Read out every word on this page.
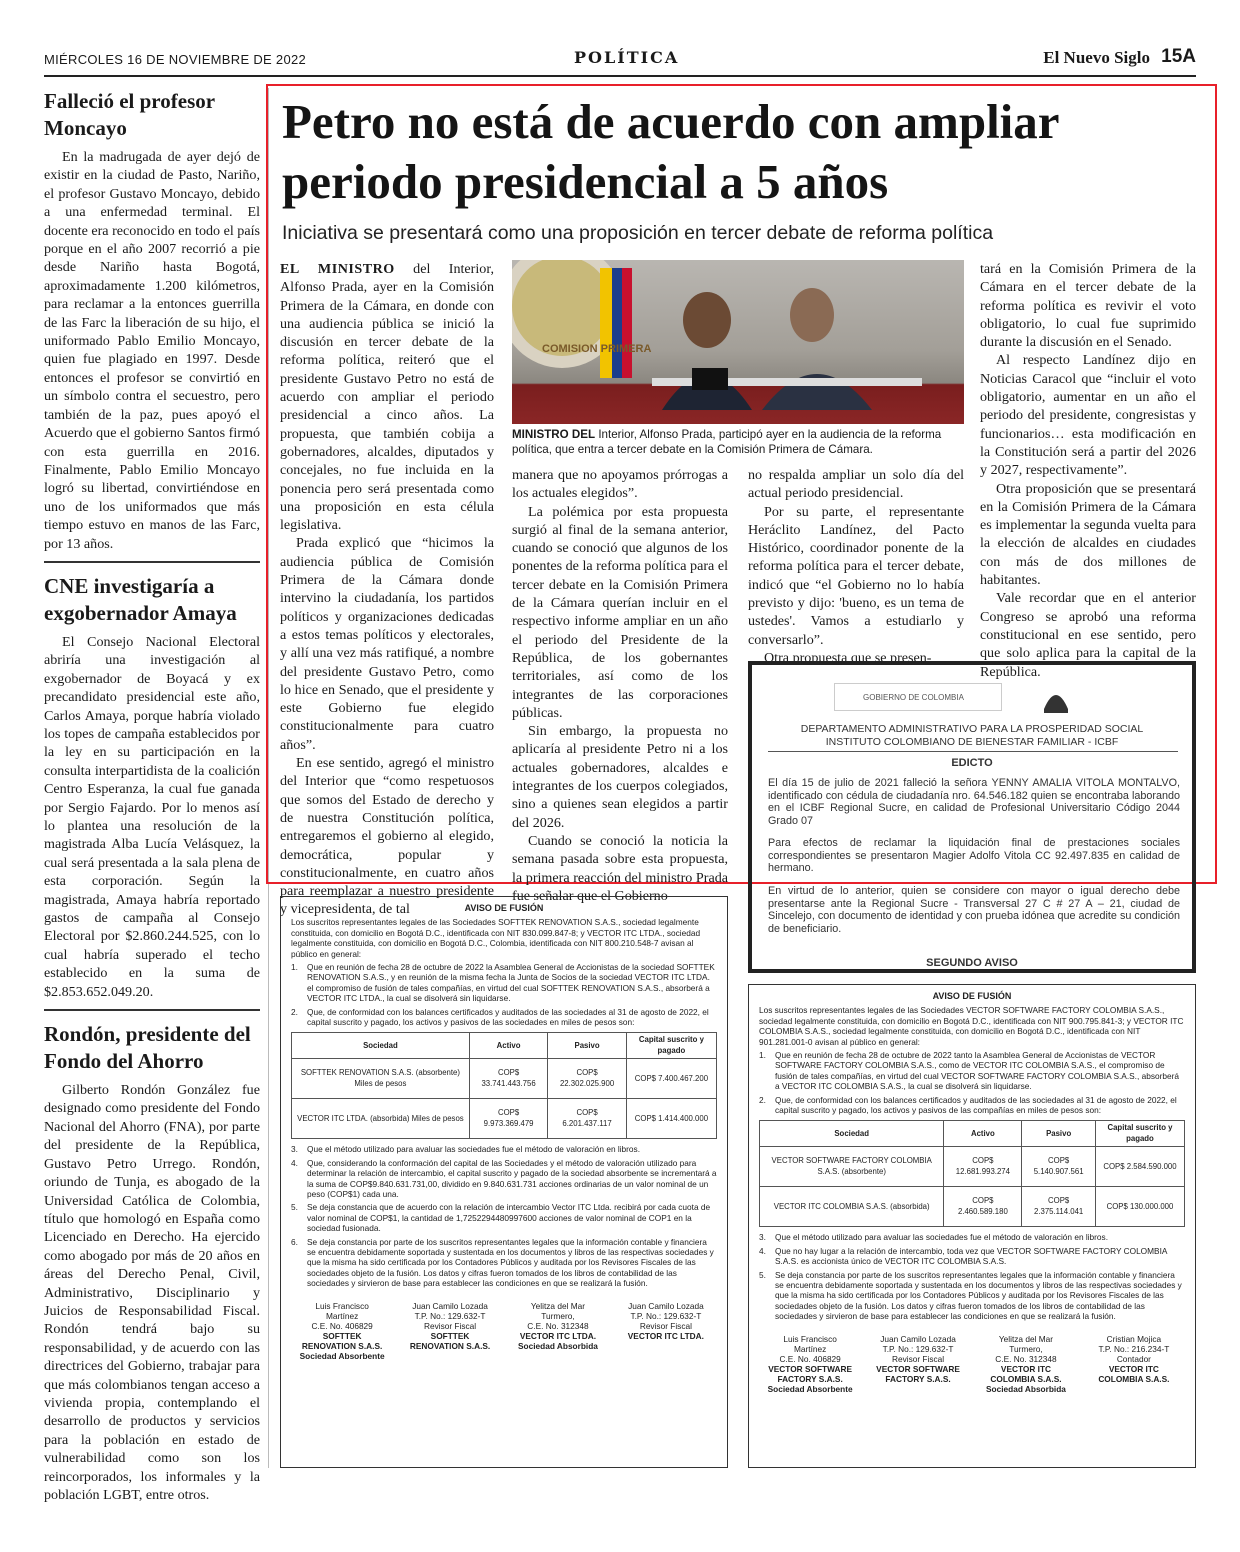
MIÉRCOLES 16 DE NOVIEMBRE DE 2022	POLÍTICA	El Nuevo Siglo 15A
Falleció el profesor Moncayo

En la madrugada de ayer dejó de existir en la ciudad de Pasto, Nariño, el profesor Gustavo Moncayo, debido a una enfermedad terminal. El docente era reconocido en todo el país porque en el año 2007 recorrió a pie desde Nariño hasta Bogotá, aproximadamente 1.200 kilómetros, para reclamar a la entonces guerrilla de las Farc la liberación de su hijo, el uniformado Pablo Emilio Moncayo, quien fue plagiado en 1997. Desde entonces el profesor se convirtió en un símbolo contra el secuestro, pero también de la paz, pues apoyó el Acuerdo que el gobierno Santos firmó con esta guerrilla en 2016. Finalmente, Pablo Emilio Moncayo logró su libertad, convirtiéndose en uno de los uniformados que más tiempo estuvo en manos de las Farc, por 13 años.

CNE investigaría a exgobernador Amaya

El Consejo Nacional Electoral abriría una investigación al exgobernador de Boyacá y ex precandidato presidencial este año, Carlos Amaya, porque habría violado los topes de campaña establecidos por la ley en su participación en la consulta interpartidista de la coalición Centro Esperanza, la cual fue ganada por Sergio Fajardo. Por lo menos así lo plantea una resolución de la magistrada Alba Lucía Velásquez, la cual será presentada a la sala plena de esta corporación. Según la magistrada, Amaya habría reportado gastos de campaña al Consejo Electoral por $2.860.244.525, con lo cual habría superado el techo establecido en la suma de $2.853.652.049.20.

Rondón, presidente del Fondo del Ahorro

Gilberto Rondón González fue designado como presidente del Fondo Nacional del Ahorro (FNA), por parte del presidente de la República, Gustavo Petro Urrego. Rondón, oriundo de Tunja, es abogado de la Universidad Católica de Colombia, título que homologó en España como Licenciado en Derecho. Ha ejercido como abogado por más de 20 años en áreas del Derecho Penal, Civil, Administrativo, Disciplinario y Juicios de Responsabilidad Fiscal. Rondón tendrá bajo su responsabilidad, y de acuerdo con las directrices del Gobierno, trabajar para que más colombianos tengan acceso a vivienda propia, contemplando el desarrollo de productos y servicios para la población en estado de vulnerabilidad como son los reincorporados, los informales y la población LGBT, entre otros.

Petro no está de acuerdo con ampliar periodo presidencial a 5 años
Iniciativa se presentará como una proposición en tercer debate de reforma política

EL MINISTRO del Interior, Alfonso Prada, ayer en la Comisión Primera de la Cámara, en donde con una audiencia pública se inició la discusión en tercer debate de la reforma política, reiteró que el presidente Gustavo Petro no está de acuerdo con ampliar el periodo presidencial a cinco años. La propuesta, que también cobija a gobernadores, alcaldes, diputados y concejales, no fue incluida en la ponencia pero será presentada como una proposición en esta célula legislativa.

Prada explicó que “hicimos la audiencia pública de Comisión Primera de la Cámara donde intervino la ciudadanía, los partidos políticos y organizaciones dedicadas a estos temas políticos y electorales, y allí una vez más ratifiqué, a nombre del presidente Gustavo Petro, como lo hice en Senado, que el presidente y este Gobierno fue elegido constitucionalmente para cuatro años”.

En ese sentido, agregó el ministro del Interior que “como respetuosos que somos del Estado de derecho y de nuestra Constitución política, entregaremos el gobierno al elegido, democrática, popular y constitucionalmente, en cuatro años para reemplazar a nuestro presidente y vicepresidenta, de tal

COMISION PRIMERA
MINISTRO DEL Interior, Alfonso Prada, participó ayer en la audiencia de la reforma política, que entra a tercer debate en la Comisión Primera de Cámara.

manera que no apoyamos prórrogas a los actuales elegidos”.

La polémica por esta propuesta surgió al final de la semana anterior, cuando se conoció que algunos de los ponentes de la reforma política para el tercer debate en la Comisión Primera de la Cámara querían incluir en el respectivo informe ampliar en un año el periodo del Presidente de la República, de los gobernantes territoriales, así como de los integrantes de las corporaciones públicas.

Sin embargo, la propuesta no aplicaría al presidente Petro ni a los actuales gobernadores, alcaldes e integrantes de los cuerpos colegiados, sino a quienes sean elegidos a partir del 2026.

Cuando se conoció la noticia la semana pasada sobre esta propuesta, la primera reacción del ministro Prada fue señalar que el Gobierno

no respalda ampliar un solo día del actual periodo presidencial.

Por su parte, el representante Heráclito Landínez, del Pacto Histórico, coordinador ponente de la reforma política para el tercer debate, indicó que “el Gobierno no lo había previsto y dijo: 'bueno, es un tema de ustedes'. Vamos a estudiarlo y conversarlo”.

Otra propuesta que se presen-

tará en la Comisión Primera de la Cámara en el tercer debate de la reforma política es revivir el voto obligatorio, lo cual fue suprimido durante la discusión en el Senado.

Al respecto Landínez dijo en Noticias Caracol que “incluir el voto obligatorio, aumentar en un año el periodo del presidente, congresistas y funcionarios… esta modificación en la Constitución será a partir del 2026 y 2027, respectivamente”.

Otra proposición que se presentará en la Comisión Primera de la Cámara es implementar la segunda vuelta para la elección de alcaldes en ciudades con más de dos millones de habitantes.

Vale recordar que en el anterior Congreso se aprobó una reforma constitucional en ese sentido, pero que solo aplica para la capital de la República.

GOBIERNO DE COLOMBIA
DEPARTAMENTO ADMINISTRATIVO PARA LA PROSPERIDAD SOCIAL
INSTITUTO COLOMBIANO DE BIENESTAR FAMILIAR - ICBF
EDICTO

El día 15 de julio de 2021 falleció la señora YENNY AMALIA VITOLA MONTALVO, identificado con cédula de ciudadanía nro. 64.546.182 quien se encontraba laborando en el ICBF Regional Sucre, en calidad de Profesional Universitario Código 2044 Grado 07

Para efectos de reclamar la liquidación final de prestaciones sociales correspondientes se presentaron Magier Adolfo Vitola CC 92.497.835 en calidad de hermano.

En virtud de lo anterior, quien se considere con mayor o igual derecho debe presentarse ante la Regional Sucre - Transversal 27 C # 27 A – 21, ciudad de Sincelejo, con documento de identidad y con prueba idónea que acredite su condición de beneficiario.

SEGUNDO AVISO
AVISO DE FUSIÓN
Los suscritos representantes legales de las Sociedades SOFTTEK RENOVATION S.A.S., sociedad legalmente constituida, con domicilio en Bogotá D.C., identificada con NIT 830.099.847-8; y VECTOR ITC LTDA., sociedad legalmente constituida, con domicilio en Bogotá D.C., Colombia, identificada con NIT 800.210.548-7 avisan al público en general:
1.	Que en reunión de fecha 28 de octubre de 2022 la Asamblea General de Accionistas de la sociedad SOFTTEK RENOVATION S.A.S., y en reunión de la misma fecha la Junta de Socios de la sociedad VECTOR ITC LTDA. el compromiso de fusión de tales compañías, en virtud del cual SOFTTEK RENOVATION S.A.S., absorberá a VECTOR ITC LTDA., la cual se disolverá sin liquidarse.
2.	Que, de conformidad con los balances certificados y auditados de las sociedades al 31 de agosto de 2022, el capital suscrito y pagado, los activos y pasivos de las sociedades en miles de pesos son:
Sociedad	Activo	Pasivo	Capital suscrito y pagado
SOFTTEK RENOVATION S.A.S. (absorbente) Miles de pesos	COP$ 33.741.443.756	COP$ 22.302.025.900	COP$ 7.400.467.200
VECTOR ITC LTDA. (absorbida) Miles de pesos	COP$ 9.973.369.479	COP$ 6.201.437.117	COP$ 1.414.400.000
3.	Que el método utilizado para avaluar las sociedades fue el método de valoración en libros.
4.	Que, considerando la conformación del capital de las Sociedades y el método de valoración utilizado para determinar la relación de intercambio, el capital suscrito y pagado de la sociedad absorbente se incrementará a la suma de COP$9.840.631.731,00, dividido en 9.840.631.731 acciones ordinarias de un valor nominal de un peso (COP$1) cada una.
5.	Se deja constancia que de acuerdo con la relación de intercambio Vector ITC Ltda. recibirá por cada cuota de valor nominal de COP$1, la cantidad de 1,7252294480997600 acciones de valor nominal de COP1 en la sociedad fusionada.
6.	Se deja constancia por parte de los suscritos representantes legales que la información contable y financiera se encuentra debidamente soportada y sustentada en los documentos y libros de las respectivas sociedades y que la misma ha sido certificada por los Contadores Públicos y auditada por los Revisores Fiscales de las sociedades objeto de la fusión. Los datos y cifras fueron tomados de los libros de contabilidad de las sociedades y sirvieron de base para establecer las condiciones en que se realizará la fusión.
Luis Francisco
Martínez
C.E. No. 406829
SOFTTEK
RENOVATION S.A.S.
Sociedad Absorbente
Juan Camilo Lozada
T.P. No.: 129.632-T
Revisor Fiscal
SOFTTEK
RENOVATION S.A.S.
Yelitza del Mar
Turmero,
C.E. No. 312348
VECTOR ITC LTDA.
Sociedad Absorbida
Juan Camilo Lozada
T.P. No.: 129.632-T
Revisor Fiscal
VECTOR ITC LTDA.
AVISO DE FUSIÓN
Los suscritos representantes legales de las Sociedades VECTOR SOFTWARE FACTORY COLOMBIA S.A.S., sociedad legalmente constituida, con domicilio en Bogotá D.C., identificada con NIT 900.795.841-3; y VECTOR ITC COLOMBIA S.A.S., sociedad legalmente constituida, con domicilio en Bogotá D.C., identificada con NIT 901.281.001-0 avisan al público en general:
1.	Que en reunión de fecha 28 de octubre de 2022 tanto la Asamblea General de Accionistas de VECTOR SOFTWARE FACTORY COLOMBIA S.A.S., como de VECTOR ITC COLOMBIA S.A.S., el compromiso de fusión de tales compañías, en virtud del cual VECTOR SOFTWARE FACTORY COLOMBIA S.A.S., absorberá a VECTOR ITC COLOMBIA S.A.S., la cual se disolverá sin liquidarse.
2.	Que, de conformidad con los balances certificados y auditados de las sociedades al 31 de agosto de 2022, el capital suscrito y pagado, los activos y pasivos de las compañías en miles de pesos son:
Sociedad	Activo	Pasivo	Capital suscrito y pagado
VECTOR SOFTWARE FACTORY COLOMBIA S.A.S. (absorbente)	COP$ 12.681.993.274	COP$ 5.140.907.561	COP$ 2.584.590.000
VECTOR ITC COLOMBIA S.A.S. (absorbida)	COP$ 2.460.589.180	COP$ 2.375.114.041	COP$ 130.000.000
3.	Que el método utilizado para avaluar las sociedades fue el método de valoración en libros.
4.	Que no hay lugar a la relación de intercambio, toda vez que VECTOR SOFTWARE FACTORY COLOMBIA S.A.S. es accionista único de VECTOR ITC COLOMBIA S.A.S.
5.	Se deja constancia por parte de los suscritos representantes legales que la información contable y financiera se encuentra debidamente soportada y sustentada en los documentos y libros de las respectivas sociedades y que la misma ha sido certificada por los Contadores Públicos y auditada por los Revisores Fiscales de las sociedades objeto de la fusión. Los datos y cifras fueron tomados de los libros de contabilidad de las sociedades y sirvieron de base para establecer las condiciones en que se realizará la fusión.
Luis Francisco
Martínez
C.E. No. 406829
VECTOR SOFTWARE
FACTORY S.A.S.
Sociedad Absorbente
Juan Camilo Lozada
T.P. No.: 129.632-T
Revisor Fiscal
VECTOR SOFTWARE
FACTORY S.A.S.
Yelitza del Mar
Turmero,
C.E. No. 312348
VECTOR ITC
COLOMBIA S.A.S.
Sociedad Absorbida
Cristian Mojica
T.P. No.: 216.234-T
Contador
VECTOR ITC
COLOMBIA S.A.S.
